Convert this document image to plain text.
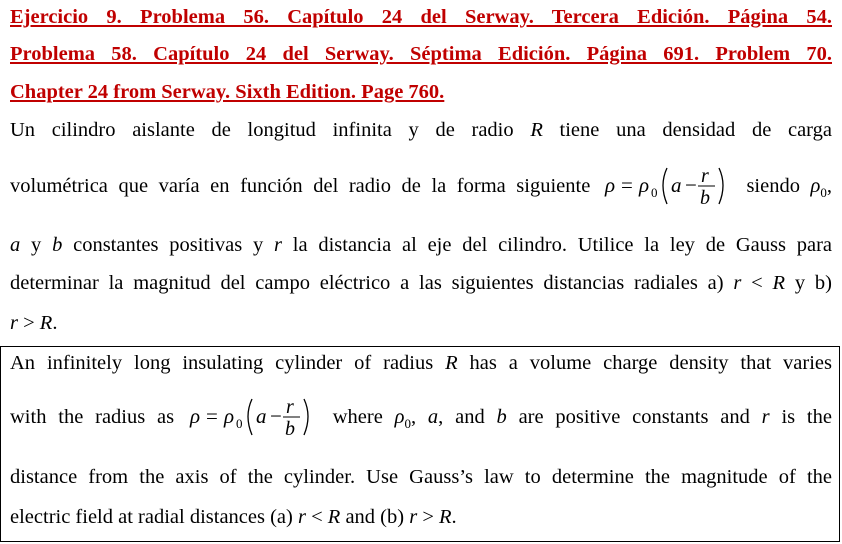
Ejercicio 9. Problema 56. Capítulo 24 del Serway. Tercera Edición. Página 54.
Problema 58. Capítulo 24 del Serway. Séptima Edición. Página 691. Problem 70.
Chapter 24 from Serway. Sixth Edition. Page 760.
Un cilindro aislante de longitud infinita y de radio R tiene una densidad de carga
volumétrica que varía en función del radio de la forma siguiente ρ = ρ 0 a − r
b
siendo $\rho_0$,
a y b constantes positivas y r la distancia al eje del cilindro. Utilice la ley de Gauss para
determinar la magnitud del campo eléctrico a las siguientes distancias radiales a) r < R y b)
r > R.
An infinitely long insulating cylinder of radius R has a volume charge density that varies
with the radius as ρ = ρ 0 a − r
b
where $\rho_0$, a, and b are positive constants and r is the
distance from the axis of the cylinder. Use Gauss’s law to determine the magnitude of the
electric field at radial distances (a) r < R and (b) r > R.
